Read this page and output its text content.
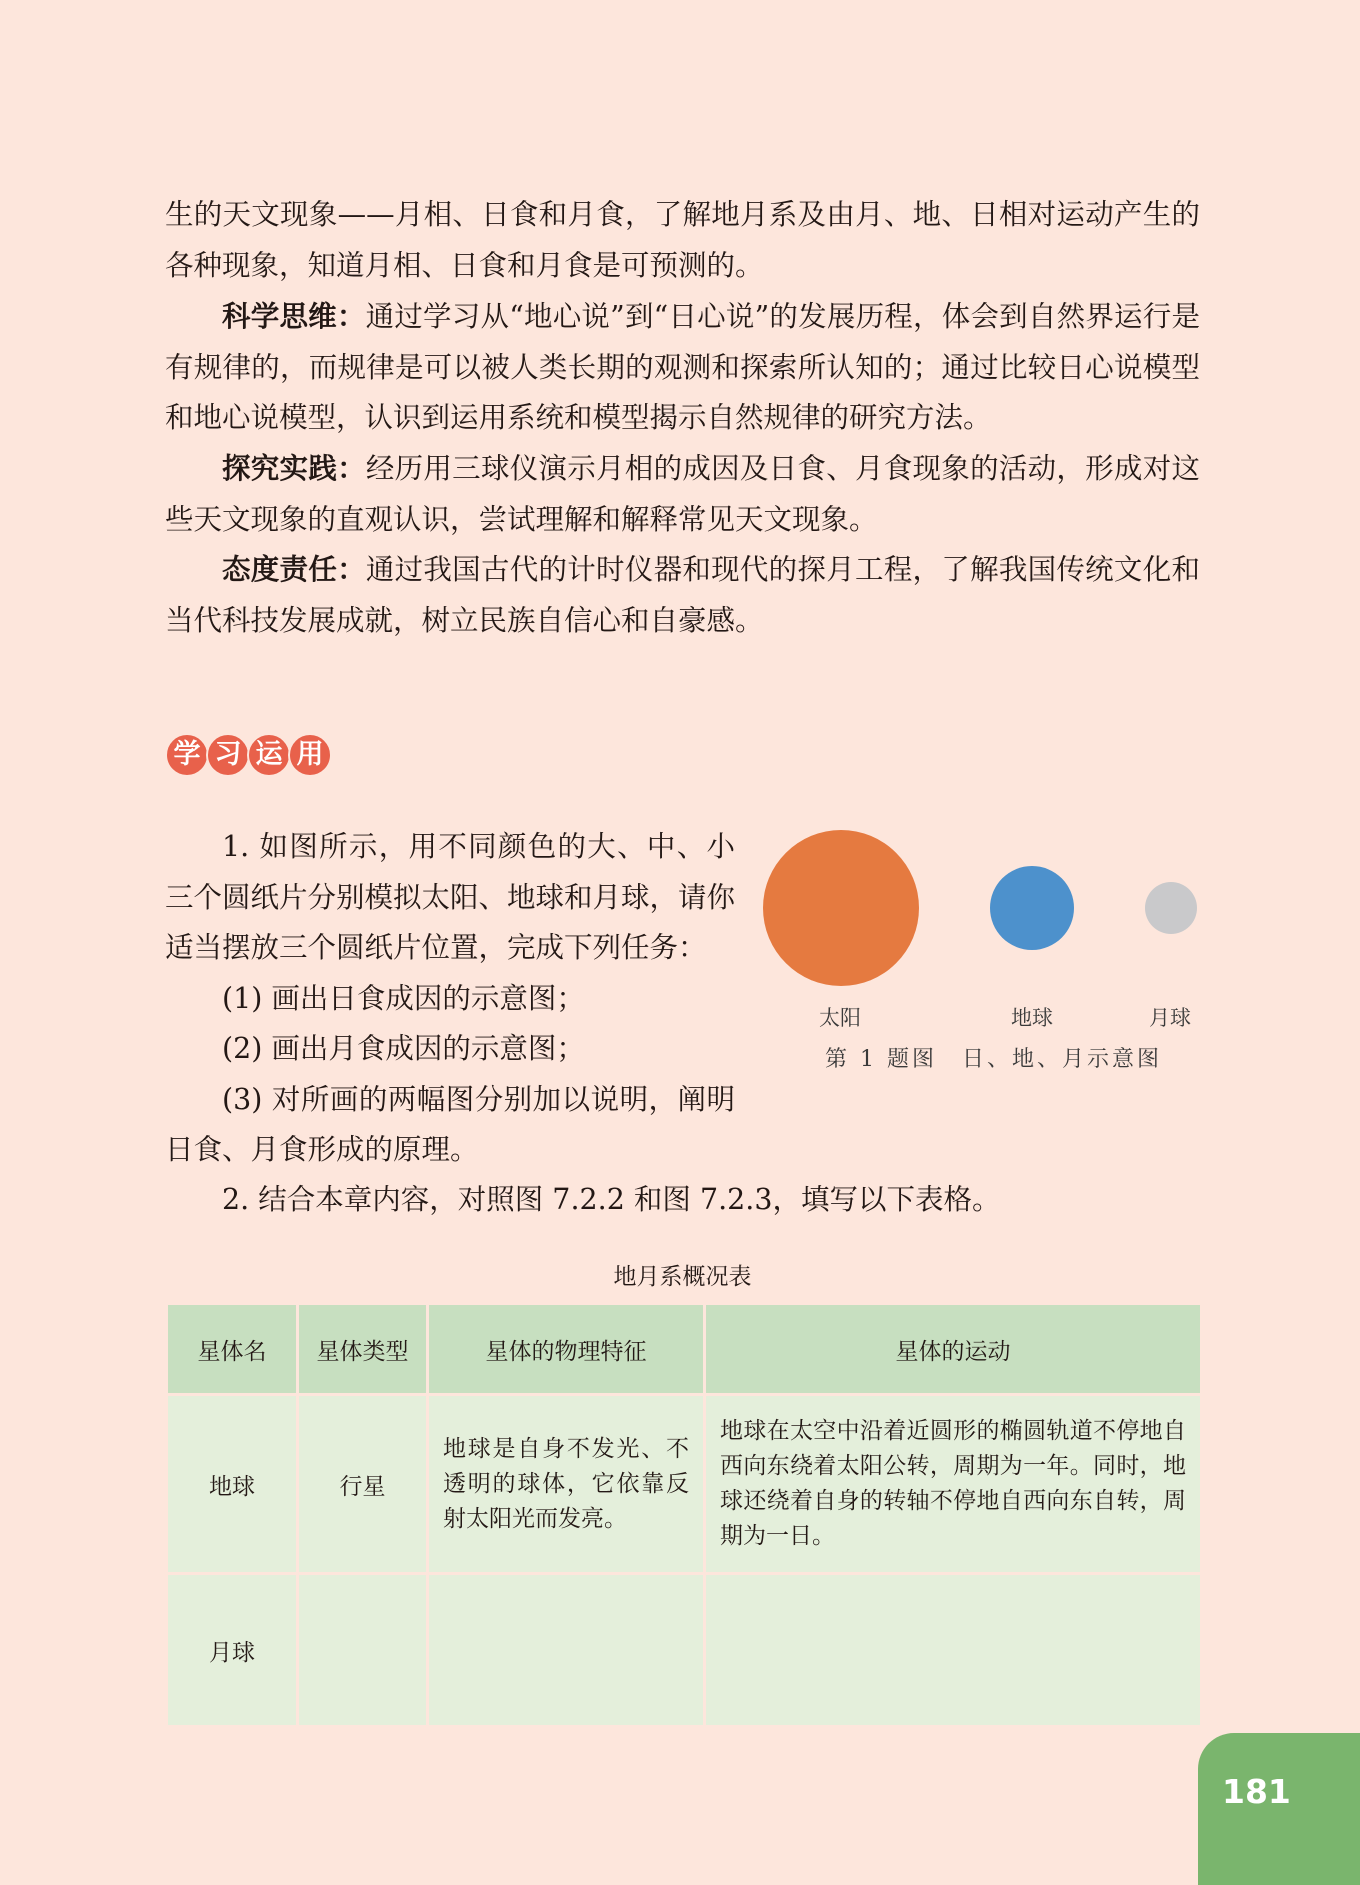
生的天文现象——月相、日食和月食，了解地月系及由月、地、日相对运动产生的各种现象，知道月相、日食和月食是可预测的。

科学思维：通过学习从“地心说”到“日心说”的发展历程，体会到自然界运行是有规律的，而规律是可以被人类长期的观测和探索所认知的；通过比较日心说模型和地心说模型，认识到运用系统和模型揭示自然规律的研究方法。

探究实践：经历用三球仪演示月相的成因及日食、月食现象的活动，形成对这些天文现象的直观认识，尝试理解和解释常见天文现象。

态度责任：通过我国古代的计时仪器和现代的探月工程，了解我国传统文化和当代科技发展成就，树立民族自信心和自豪感。

学 习 运 用

1. 如图所示，用不同颜色的大、中、小三个圆纸片分别模拟太阳、地球和月球，请你适当摆放三个圆纸片位置，完成下列任务：

(1) 画出日食成因的示意图；

(2) 画出月食成因的示意图；

(3) 对所画的两幅图分别加以说明，阐明日食、月食形成的原理。

太阳	地球	月球
第 1 题图　日、地、月示意图

2. 结合本章内容，对照图 7.2.2 和图 7.2.3，填写以下表格。

地月系概况表
星体名	星体类型	星体的物理特征	星体的运动
地球	行星	地球是自身不发光、不透明的球体，它依靠反射太阳光而发亮。	地球在太空中沿着近圆形的椭圆轨道不停地自西向东绕着太阳公转，周期为一年。同时，地球还绕着自身的转轴不停地自西向东自转，周期为一日。
月球			
181
